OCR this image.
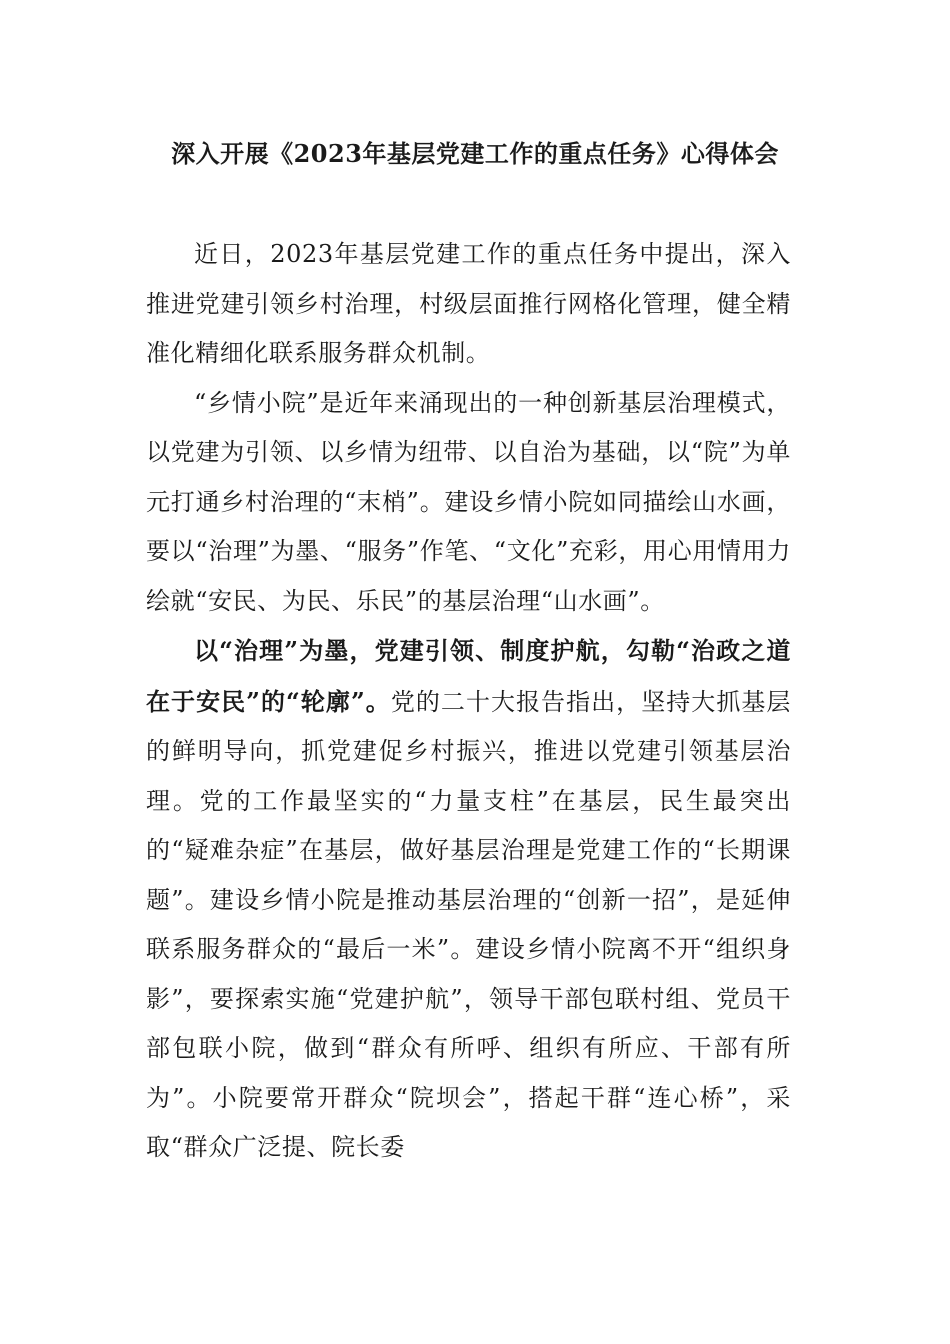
深入开展《2023年基层党建工作的重点任务》心得体会

近日，2023年基层党建工作的重点任务中提出，深入推进党建引领乡村治理，村级层面推行网格化管理，健全精准化精细化联系服务群众机制。

“乡情小院”是近年来涌现出的一种创新基层治理模式，以党建为引领、以乡情为纽带、以自治为基础，以“院”为单元打通乡村治理的“末梢”。建设乡情小院如同描绘山水画，要以“治理”为墨、“服务”作笔、“文化”充彩，用心用情用力绘就“安民、为民、乐民”的基层治理“山水画”。

以“治理”为墨，党建引领、制度护航，勾勒“治政之道在于安民”的“轮廓”。党的二十大报告指出，坚持大抓基层的鲜明导向，抓党建促乡村振兴，推进以党建引领基层治理。党的工作最坚实的“力量支柱”在基层，民生最突出的“疑难杂症”在基层，做好基层治理是党建工作的“长期课题”。建设乡情小院是推动基层治理的“创新一招”，是延伸联系服务群众的“最后一米”。建设乡情小院离不开“组织身影”，要探索实施“党建护航”，领导干部包联村组、党员干部包联小院，做到“群众有所呼、组织有所应、干部有所为”。小院要常开群众“院坝会”，搭起干群“连心桥”，采取“群众广泛提、院长委
